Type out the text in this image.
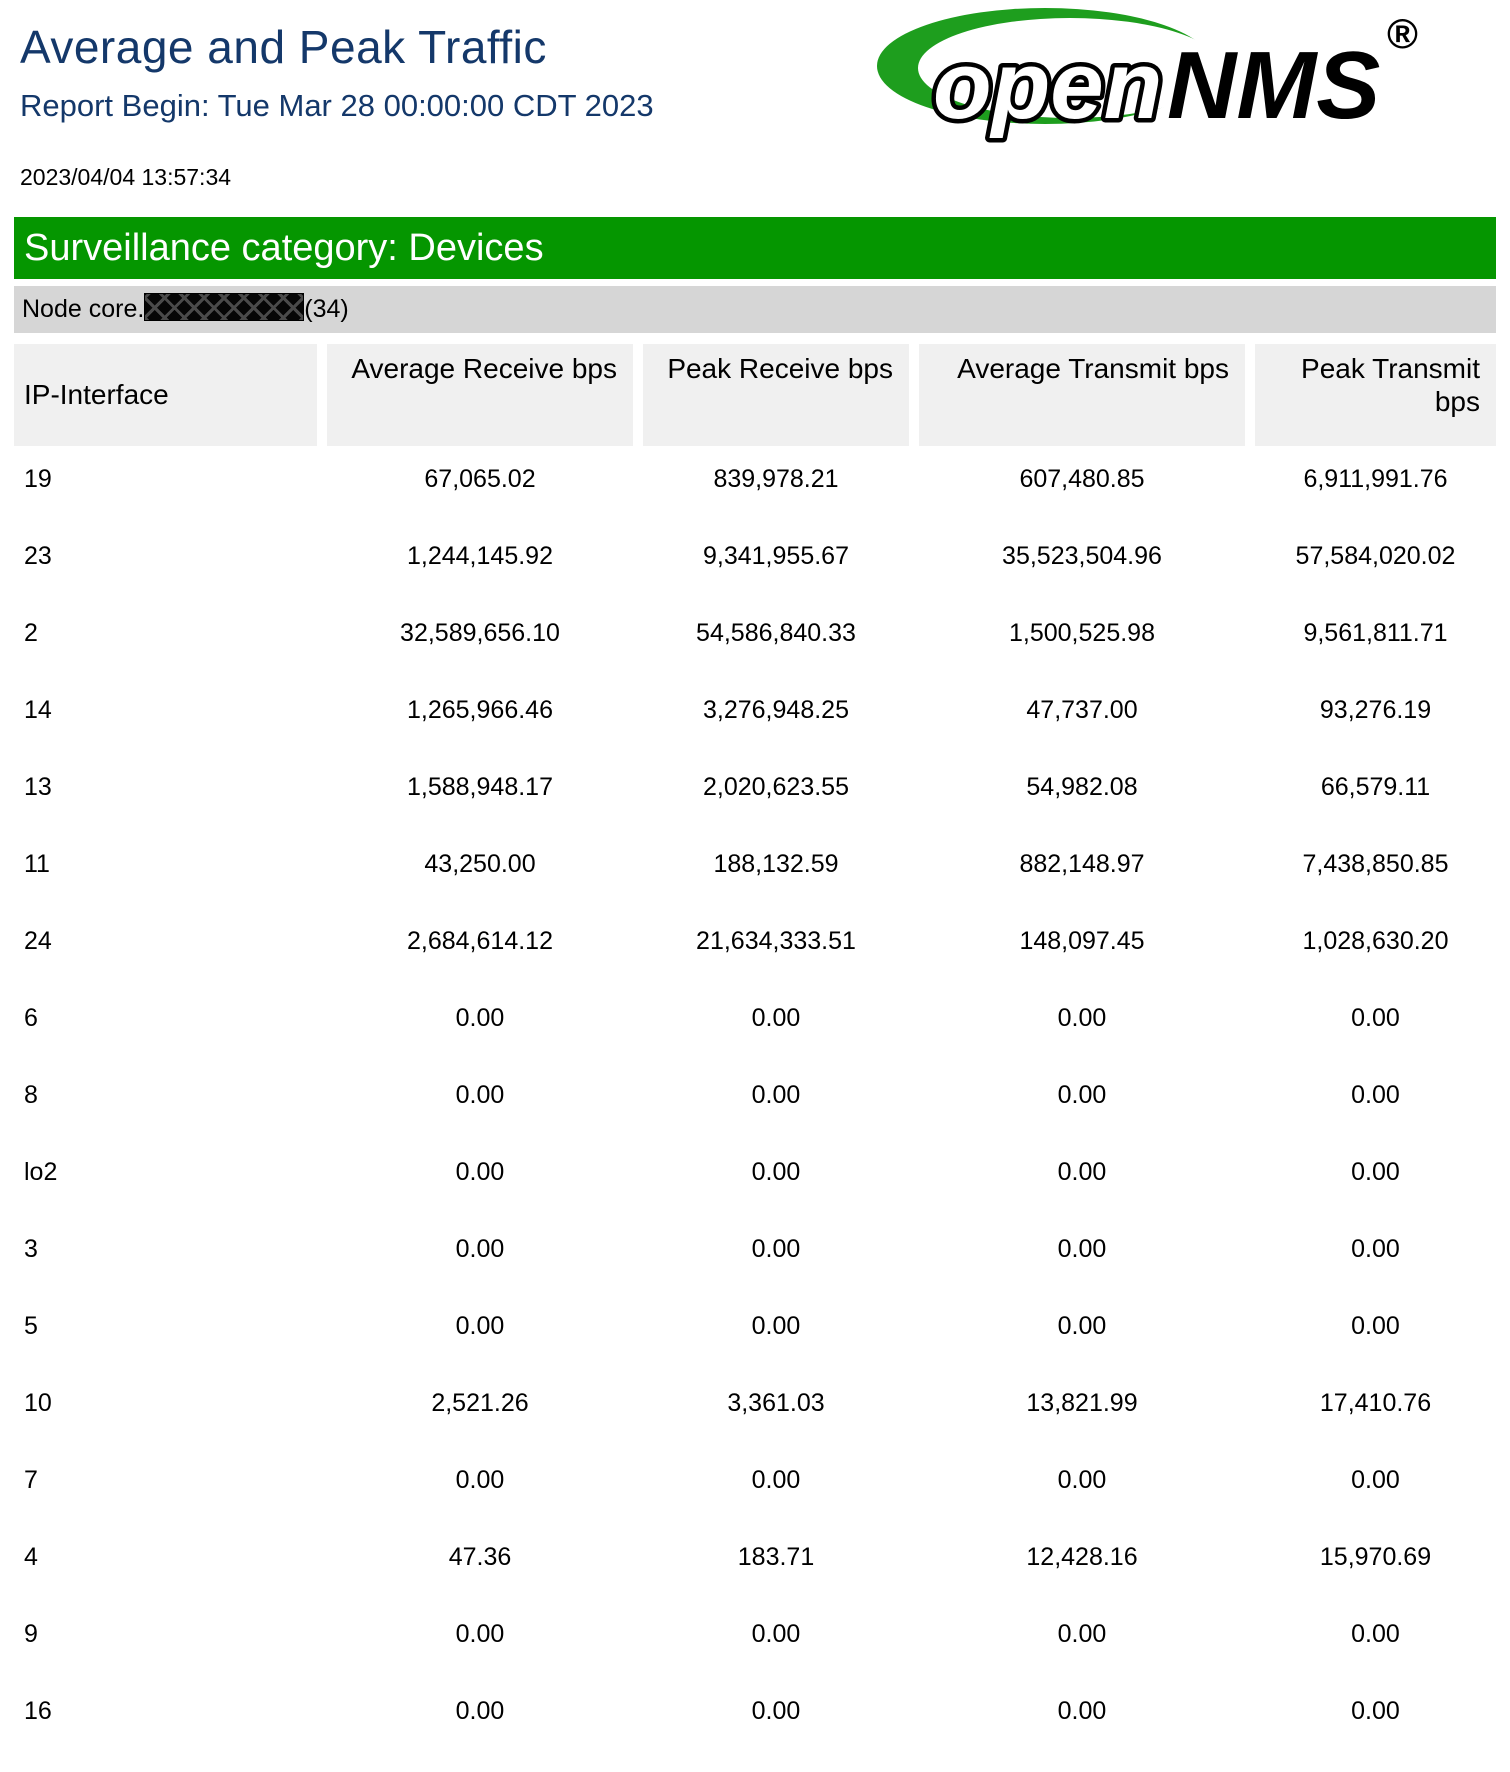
Average and Peak Traffic
Report Begin: Tue Mar 28 00:00:00 CDT 2023
2023/04/04 13:57:34
open NMS ®
Surveillance category: Devices
Node core.	(34)
IP-Interface	Average Receive bps	Peak Receive bps	Average Transmit bps	Peak Transmit bps
19	67,065.02	839,978.21	607,480.85	6,911,991.76
23	1,244,145.92	9,341,955.67	35,523,504.96	57,584,020.02
2	32,589,656.10	54,586,840.33	1,500,525.98	9,561,811.71
14	1,265,966.46	3,276,948.25	47,737.00	93,276.19
13	1,588,948.17	2,020,623.55	54,982.08	66,579.11
11	43,250.00	188,132.59	882,148.97	7,438,850.85
24	2,684,614.12	21,634,333.51	148,097.45	1,028,630.20
6	0.00	0.00	0.00	0.00
8	0.00	0.00	0.00	0.00
lo2	0.00	0.00	0.00	0.00
3	0.00	0.00	0.00	0.00
5	0.00	0.00	0.00	0.00
10	2,521.26	3,361.03	13,821.99	17,410.76
7	0.00	0.00	0.00	0.00
4	47.36	183.71	12,428.16	15,970.69
9	0.00	0.00	0.00	0.00
16	0.00	0.00	0.00	0.00
